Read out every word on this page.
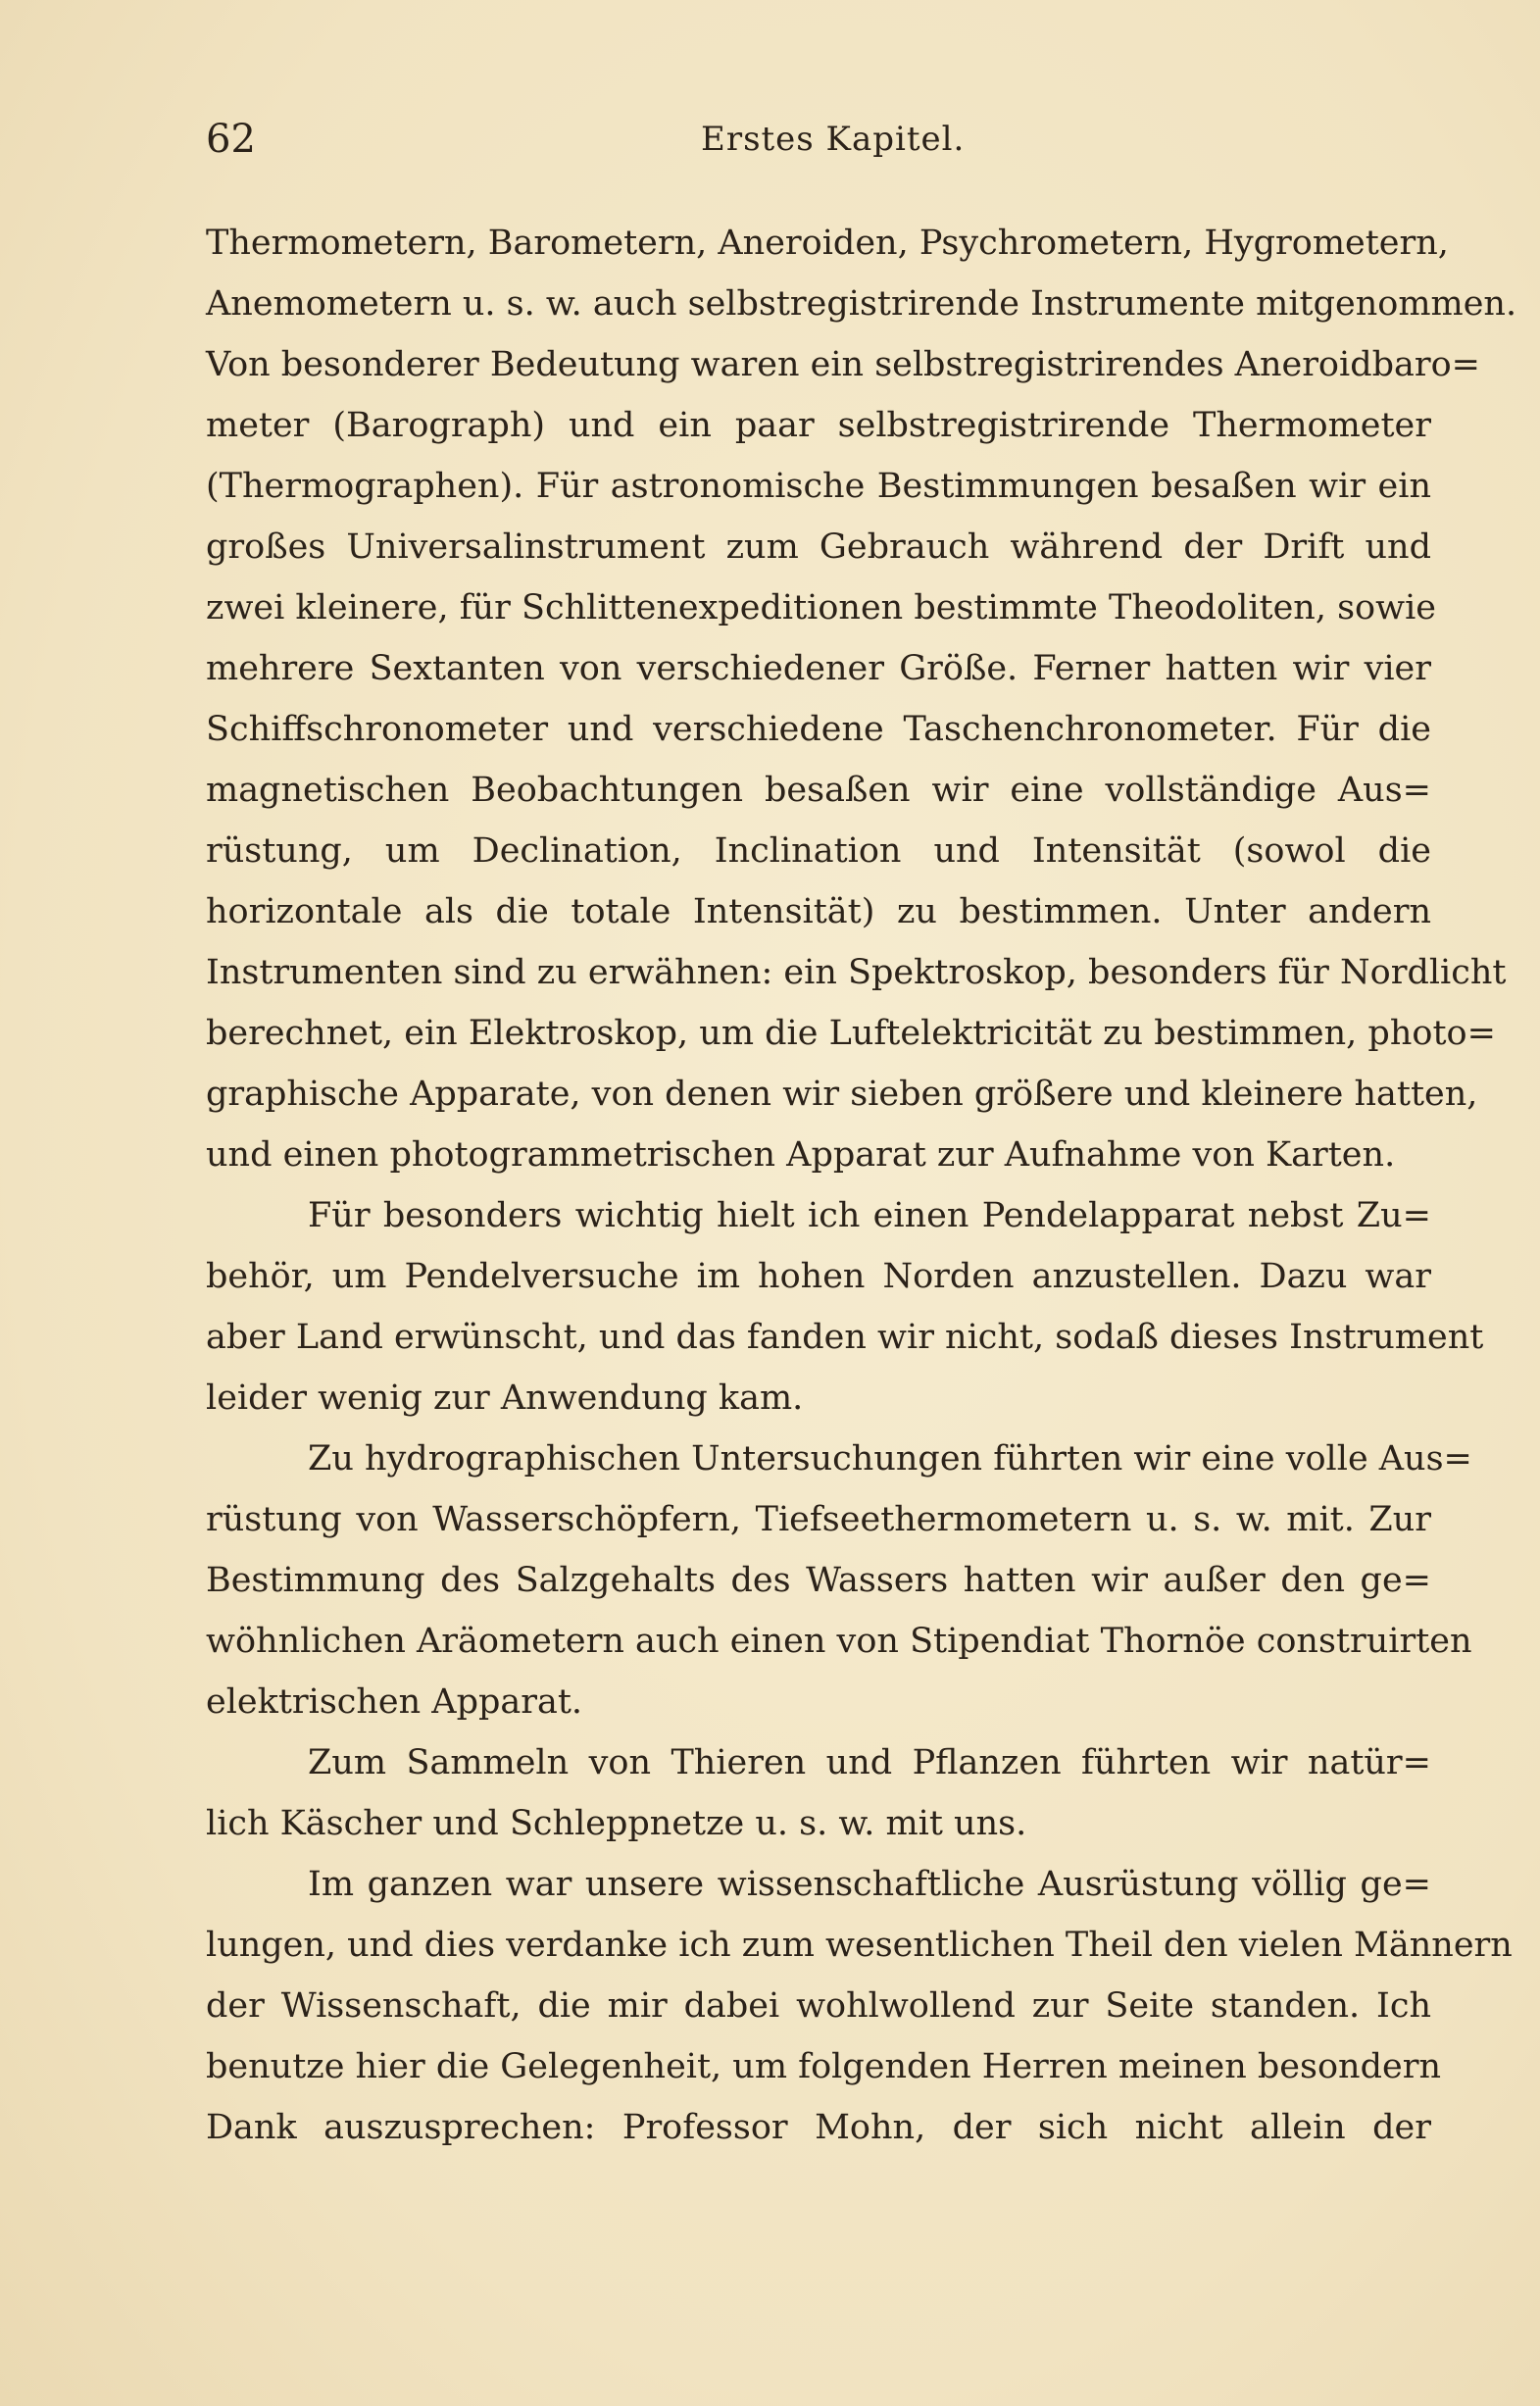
62	Erstes Kapitel.
Thermometern, Barometern, Aneroiden, Psychrometern, Hygrometern,
Anemometern u. s. w. auch selbstregistrirende Instrumente mitgenommen.
Von besonderer Bedeutung waren ein selbstregistrirendes Aneroidbaro=
meter (Barograph) und ein paar selbstregistrirende Thermometer
(Thermographen). Für astronomische Bestimmungen besaßen wir ein
großes Universalinstrument zum Gebrauch während der Drift und
zwei kleinere, für Schlittenexpeditionen bestimmte Theodoliten, sowie
mehrere Sextanten von verschiedener Größe. Ferner hatten wir vier
Schiffschronometer und verschiedene Taschenchronometer. Für die
magnetischen Beobachtungen besaßen wir eine vollständige Aus=
rüstung, um Declination, Inclination und Intensität (sowol die
horizontale als die totale Intensität) zu bestimmen. Unter andern
Instrumenten sind zu erwähnen: ein Spektroskop, besonders für Nordlicht
berechnet, ein Elektroskop, um die Luftelektricität zu bestimmen, photo=
graphische Apparate, von denen wir sieben größere und kleinere hatten,
und einen photogrammetrischen Apparat zur Aufnahme von Karten.
Für besonders wichtig hielt ich einen Pendelapparat nebst Zu=
behör, um Pendelversuche im hohen Norden anzustellen. Dazu war
aber Land erwünscht, und das fanden wir nicht, sodaß dieses Instrument
leider wenig zur Anwendung kam.
Zu hydrographischen Untersuchungen führten wir eine volle Aus=
rüstung von Wasserschöpfern, Tiefseethermometern u. s. w. mit. Zur
Bestimmung des Salzgehalts des Wassers hatten wir außer den ge=
wöhnlichen Aräometern auch einen von Stipendiat Thornöe construirten
elektrischen Apparat.
Zum Sammeln von Thieren und Pflanzen führten wir natür=
lich Käscher und Schleppnetze u. s. w. mit uns.
Im ganzen war unsere wissenschaftliche Ausrüstung völlig ge=
lungen, und dies verdanke ich zum wesentlichen Theil den vielen Männern
der Wissenschaft, die mir dabei wohlwollend zur Seite standen. Ich
benutze hier die Gelegenheit, um folgenden Herren meinen besondern
Dank auszusprechen: Professor Mohn, der sich nicht allein der
